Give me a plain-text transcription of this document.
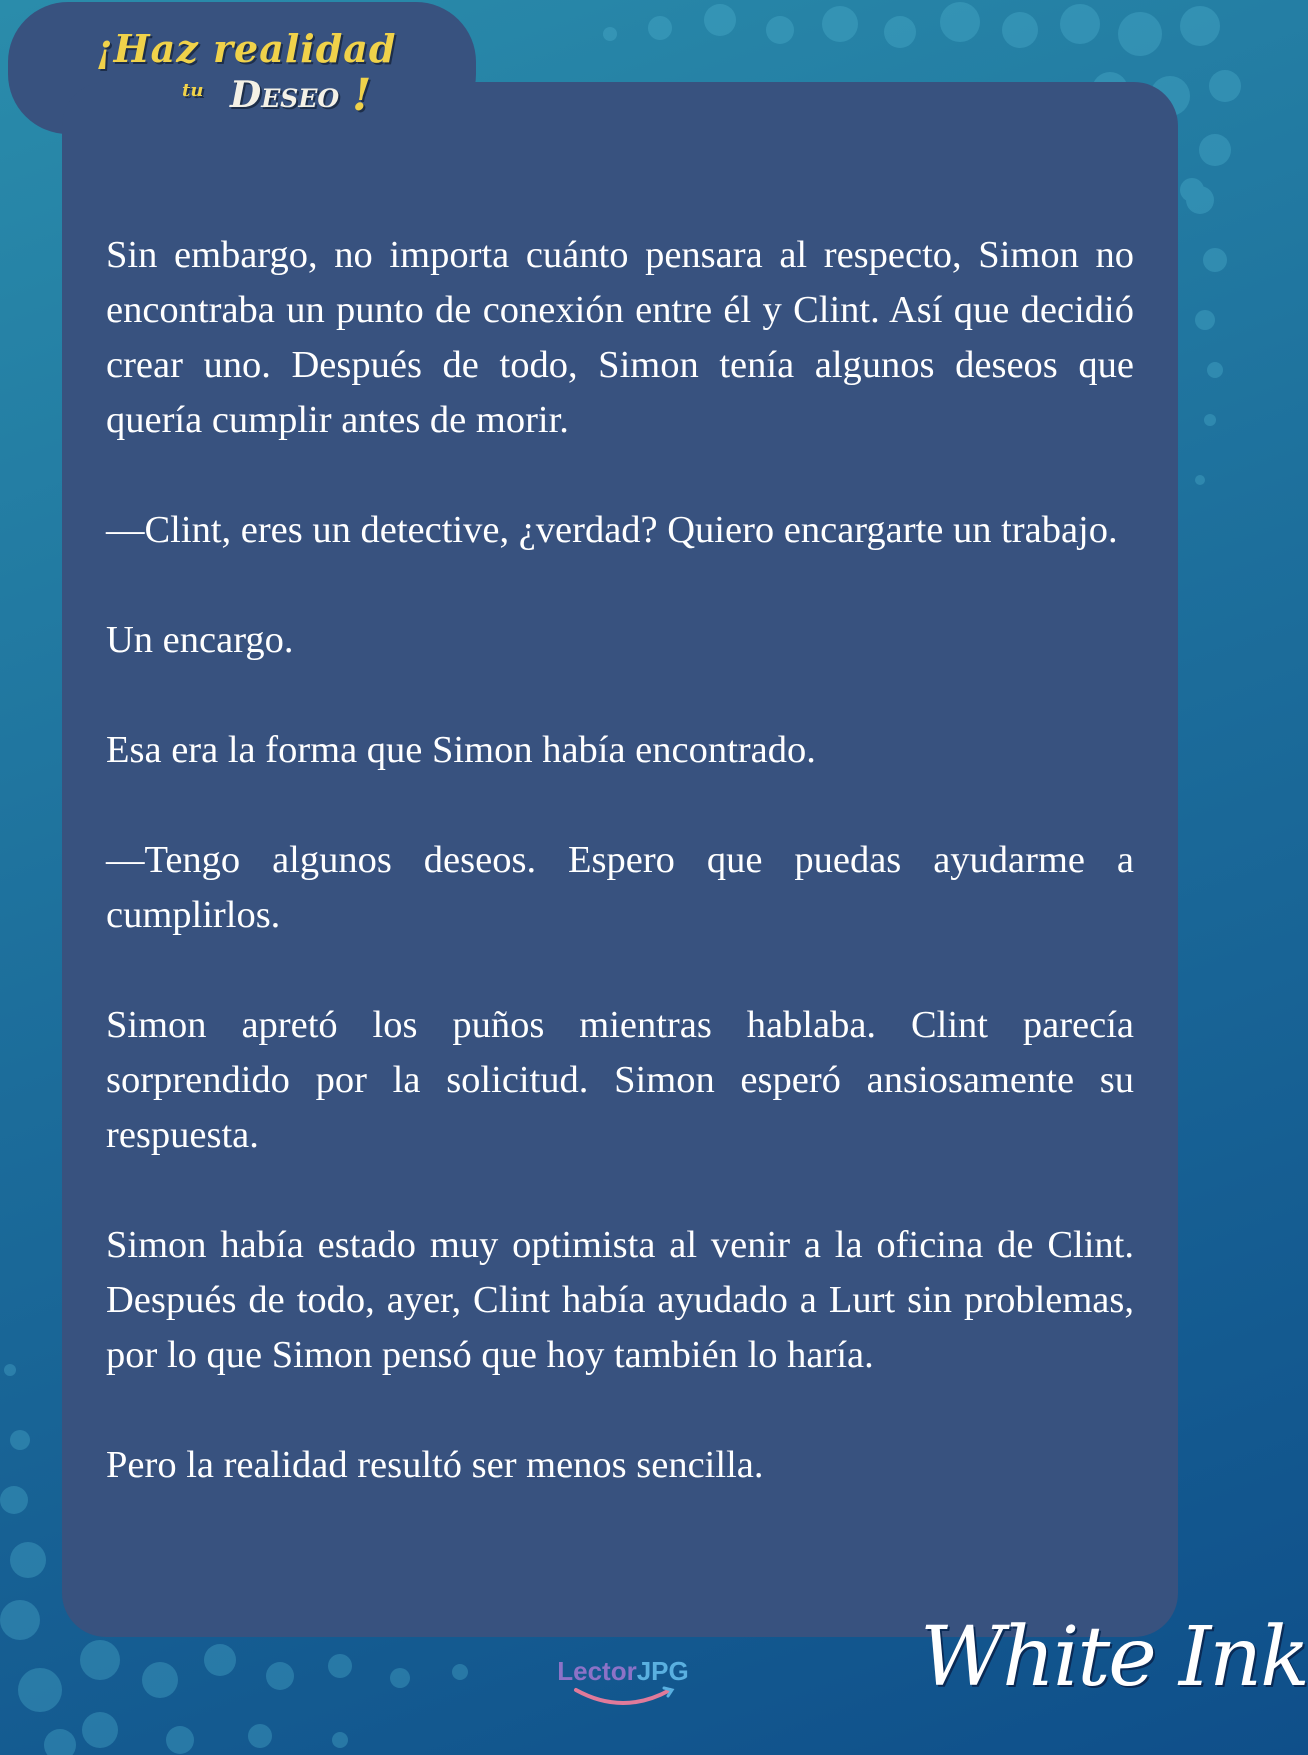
¡Haz realidad
tu Deseo !

Sin embargo, no importa cuánto pensara al respecto, Simon no encontraba un punto de conexión entre él y Clint. Así que decidió crear uno. Después de todo, Simon tenía algunos deseos que quería cumplir antes de morir.

—Clint, eres un detective, ¿verdad? Quiero encargarte un trabajo.

Un encargo.

Esa era la forma que Simon había encontrado.

—Tengo algunos deseos. Espero que puedas ayudarme a cumplirlos.

Simon apretó los puños mientras hablaba. Clint parecía sorprendido por la solicitud. Simon esperó ansiosamente su respuesta.

Simon había estado muy optimista al venir a la oficina de Clint. Después de todo, ayer, Clint había ayudado a Lurt sin problemas, por lo que Simon pensó que hoy también lo haría.

Pero la realidad resultó ser menos sencilla.

LectorJPG	White Ink
